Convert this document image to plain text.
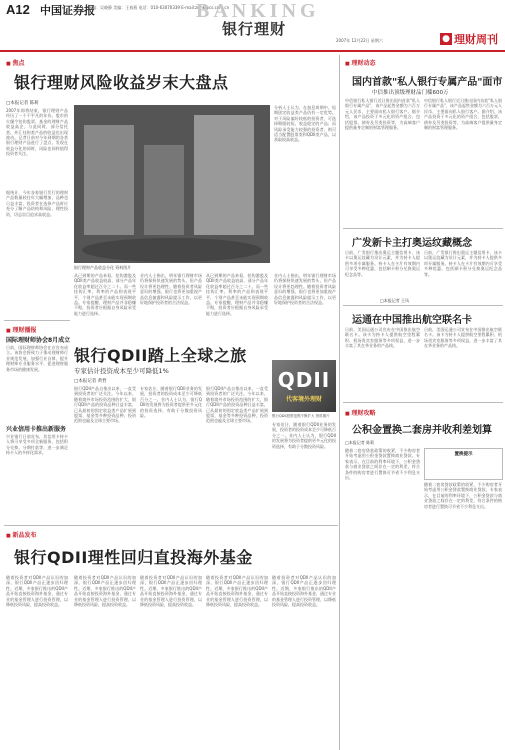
A12 中国证券报
责编：吴晓静 美编：王春燕 电话：010-63070339 E-mail:zrmk@cs.com.cn
BANKING
银行理财
2007年 12月22日 星期六	● 理财周刊
■ 焦点
银行理财风险收益岁末大盘点
□本报记者 陈莉
2007年即将结束，银行理财产品经历了一个不平凡的年份。股市的火爆令挂钩股票、基金的理财产品收益高企，与此同时，部分信托类、外汇挂钩类产品的收益也出现波动。记者日前对今年到期的各类银行理财产品进行了盘点，发现在收益分化的同时，风险也同样值得投资者关注。
据统计，今年各家银行发行的理财产品数量较往年大幅增加，品种也日益丰富，投资者在选择产品时应充分了解产品结构和风险，理性投资，切忌盲目追求高收益。
银行理财产品收益分化 资料图片
分析人士认为，在加息周期中，短期固定收益类产品仍有一定优势。对于风险偏好较低的投资者，可选择期限较短、收益稳定的产品；而风险承受能力较强的投资者，则可适当配置股票类和QDII类产品，以获取较高收益。
从已到期的产品来看，挂钩港股及QDII类产品收益较高，部分产品年化收益率超过百分之二十。而一些挂钩汇率、利率的产品则表现平平，个别产品甚至未能实现预期收益。专家提醒，理财产品并非稳赚不赔，投资者应根据自身风险承受能力进行选择。
业内人士指出，明年银行理财市场仍将保持快速发展的势头，但产品设计将更趋理性。随着投资者风险意识的增强，银行也将更加重视产品信息披露和风险提示工作，以更好地保护投资者的合法权益。
从已到期的产品来看，挂钩港股及QDII类产品收益较高，部分产品年化收益率超过百分之二十。而一些挂钩汇率、利率的产品则表现平平，个别产品甚至未能实现预期收益。专家提醒，理财产品并非稳赚不赔，投资者应根据自身风险承受能力进行选择。
业内人士指出，明年银行理财市场仍将保持快速发展的势头，但产品设计将更趋理性。随着投资者风险意识的增强，银行也将更加重视产品信息披露和风险提示工作，以更好地保护投资者的合法权益。
■ 理财播报
国际理财师协会8月成立
日前，国际理财师协会在京宣布成立。该协会将致力于推动理财师行业规范发展，加强行业自律，提升理财师专业服务水平，促进理财服务市场的健康发展。
兴业信用卡推出新服务
兴业银行日前宣布，其信用卡持卡人将可享受多项全新服务，包括积分兑换、分期付款等，进一步满足持卡人的多样化需求。
银行QDII踏上全球之旅
专家估计投资成本至少可降低1%
□本报记者 黄哲
银行QDII产品自推出以来，一直受到投资者的广泛关注。今年以来，随着境外市场投资范围的扩大，银行QDII产品的投资品种日益丰富，已从最初的固定收益类产品扩展到股票、基金等多种投资品种，投资范围也遍及全球主要市场。
专家估计，随着银行QDII业务的发展，投资者的投资成本至少可降低百分之一。业内人士认为，银行QDII的发展将为投资者提供更多元化的投资选择，有助于分散投资风险。
银行QDII产品自推出以来，一直受到投资者的广泛关注。今年以来，随着境外市场投资范围的扩大，银行QDII产品的投资品种日益丰富，已从最初的固定收益类产品扩展到股票、基金等多种投资品种，投资范围也遍及全球主要市场。
QDII
代客境外理财
银行QDII投资范围不断扩大 资料图片
专家估计，随着银行QDII业务的发展，投资者的投资成本至少可降低百分之一。业内人士认为，银行QDII的发展将为投资者提供更多元化的投资选择，有助于分散投资风险。
■ 新品发布
银行QDII理性回归直投海外基金
随着投资者对QDII产品认识的加深，银行QDII产品正逐步回归理性。近期，多家银行推出的QDII产品开始直接投资海外基金，通过专业的基金管理人进行投资管理，以降低投资风险，提高投资收益。
随着投资者对QDII产品认识的加深，银行QDII产品正逐步回归理性。近期，多家银行推出的QDII产品开始直接投资海外基金，通过专业的基金管理人进行投资管理，以降低投资风险，提高投资收益。
随着投资者对QDII产品认识的加深，银行QDII产品正逐步回归理性。近期，多家银行推出的QDII产品开始直接投资海外基金，通过专业的基金管理人进行投资管理，以降低投资风险，提高投资收益。
随着投资者对QDII产品认识的加深，银行QDII产品正逐步回归理性。近期，多家银行推出的QDII产品开始直接投资海外基金，通过专业的基金管理人进行投资管理，以降低投资风险，提高投资收益。
随着投资者对QDII产品认识的加深，银行QDII产品正逐步回归理性。近期，多家银行推出的QDII产品开始直接投资海外基金，通过专业的基金管理人进行投资管理，以降低投资风险，提高投资收益。
■ 理财动态
国内首款"私人银行专属产品"面市
中信推出顶级理财品门槛600万
中信银行私人银行近日推出国内首款"私人银行专属产品"，该产品起售金额为六百万元人民币，主要面向私人银行客户。据介绍，该产品投资于多元化的资产组合，包括股票、债券及另类投资等，为高端客户提供量身定制的财富管理服务。
中信银行私人银行近日推出国内首款"私人银行专属产品"，该产品起售金额为六百万元人民币，主要面向私人银行客户。据介绍，该产品投资于多元化的资产组合，包括股票、债券及另类投资等，为高端客户提供量身定制的财富管理服务。
广发新卡主打奥运纹藏概念
日前，广发银行推出奥运主题信用卡，该卡以奥运纹藏为设计元素，并为持卡人提供多项专属服务。持卡人在卡片有效期内可享受多种优惠，包括刷卡积分兑换奥运纪念品等。
日前，广发银行推出奥运主题信用卡，该卡以奥运纹藏为设计元素，并为持卡人提供多项专属服务。持卡人在卡片有效期内可享受多种优惠，包括刷卡积分兑换奥运纪念品等。
□本报记者 王凤
运通在中国推出航空联名卡
日前，美国运通公司宣布在中国推出航空联名卡。该卡为持卡人提供航空里程累积、机场贵宾室服务等多项权益，进一步丰富了其在华业务的产品线。
日前，美国运通公司宣布在中国推出航空联名卡。该卡为持卡人提供航空里程累积、机场贵宾室服务等多项权益，进一步丰富了其在华业务的产品线。
■ 理财攻略
公积金置换二套房并收利差划算
□本报记者 陈莉
随着二套房贷款政策的收紧，不少购房者开始考虑用公积金贷款置换商业贷款。专家表示，在目前的利率环境下，公积金贷款与商业贷款之间存在一定的利差，符合条件的购房者进行置换可节省不少利息支出。
置换提示
随着二套房贷款政策的收紧，不少购房者开始考虑用公积金贷款置换商业贷款。专家表示，在目前的利率环境下，公积金贷款与商业贷款之间存在一定的利差，符合条件的购房者进行置换可节省不少利息支出。
